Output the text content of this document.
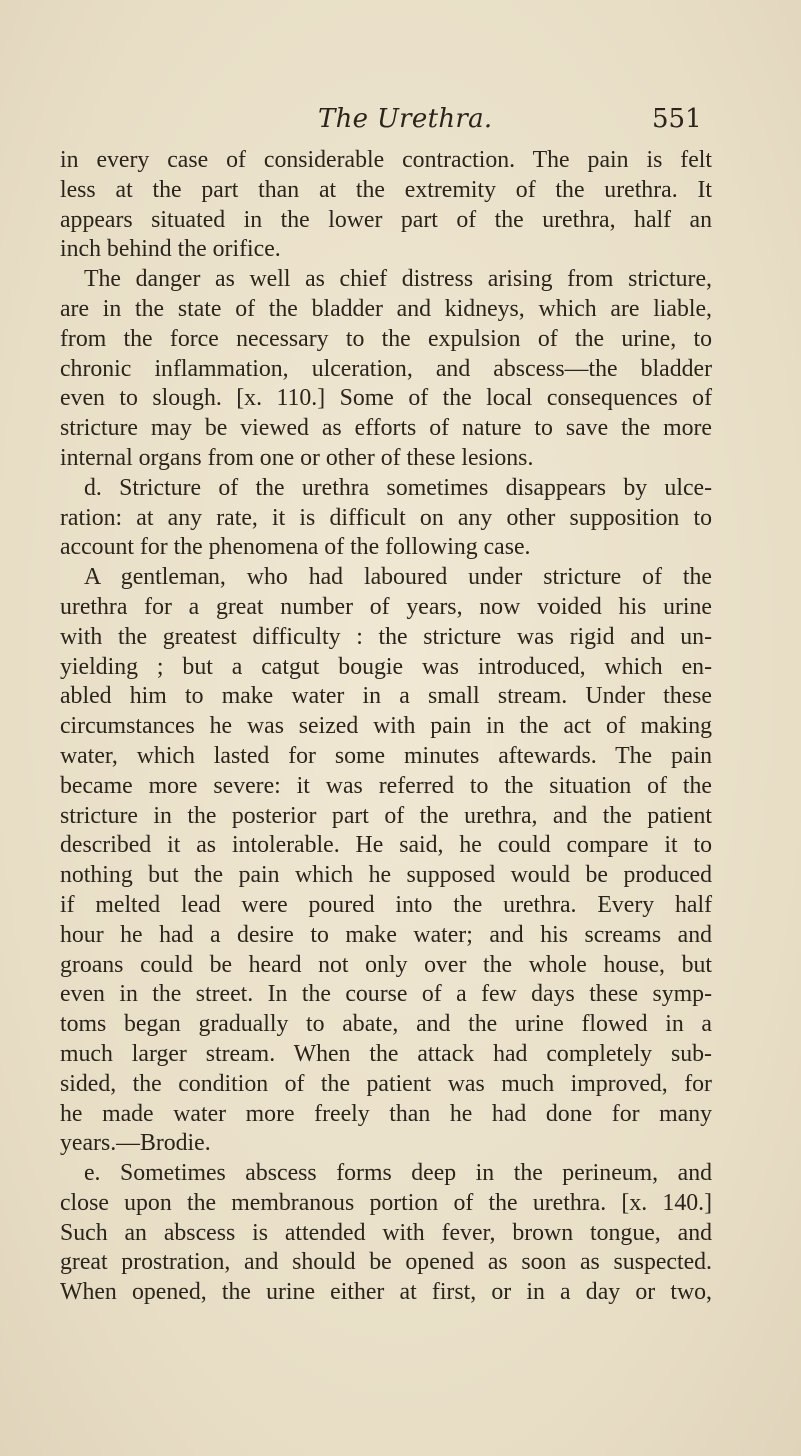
The Urethra.	551
in every case of considerable contraction. The pain is felt
less at the part than at the extremity of the urethra. It
appears situated in the lower part of the urethra, half an
inch behind the orifice.
The danger as well as chief distress arising from stricture,
are in the state of the bladder and kidneys, which are liable,
from the force necessary to the expulsion of the urine, to
chronic inflammation, ulceration, and abscess—the bladder
even to slough. [x. 110.] Some of the local consequences of
stricture may be viewed as efforts of nature to save the more
internal organs from one or other of these lesions.
d. Stricture of the urethra sometimes disappears by ulce-
ration: at any rate, it is difficult on any other supposition to
account for the phenomena of the following case.
A gentleman, who had laboured under stricture of the
urethra for a great number of years, now voided his urine
with the greatest difficulty : the stricture was rigid and un-
yielding ; but a catgut bougie was introduced, which en-
abled him to make water in a small stream. Under these
circumstances he was seized with pain in the act of making
water, which lasted for some minutes aftewards. The pain
became more severe: it was referred to the situation of the
stricture in the posterior part of the urethra, and the patient
described it as intolerable. He said, he could compare it to
nothing but the pain which he supposed would be produced
if melted lead were poured into the urethra. Every half
hour he had a desire to make water; and his screams and
groans could be heard not only over the whole house, but
even in the street. In the course of a few days these symp-
toms began gradually to abate, and the urine flowed in a
much larger stream. When the attack had completely sub-
sided, the condition of the patient was much improved, for
he made water more freely than he had done for many
years.—Brodie.
e. Sometimes abscess forms deep in the perineum, and
close upon the membranous portion of the urethra. [x. 140.]
Such an abscess is attended with fever, brown tongue, and
great prostration, and should be opened as soon as suspected.
When opened, the urine either at first, or in a day or two,
